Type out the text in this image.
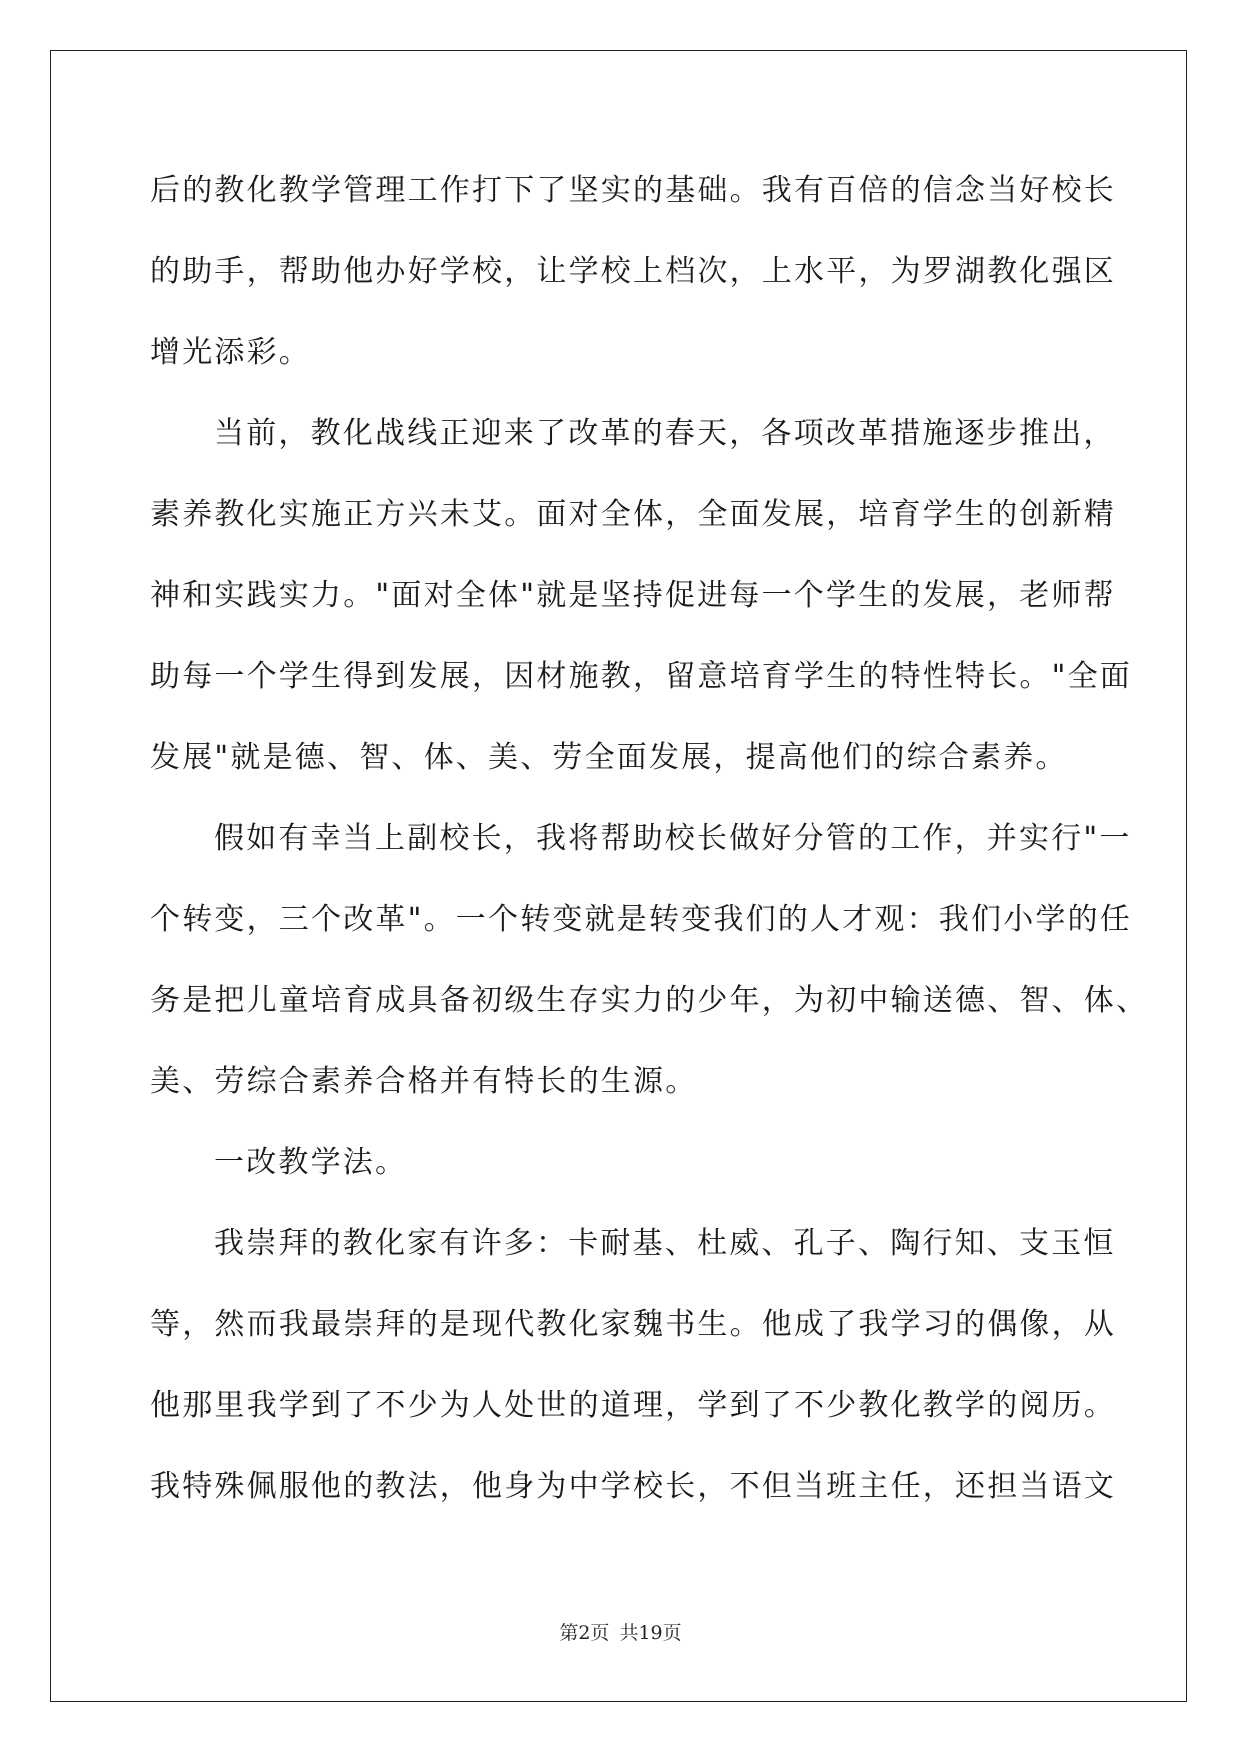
后的教化教学管理工作打下了坚实的基础。我有百倍的信念当好校长
的助手，帮助他办好学校，让学校上档次，上水平，为罗湖教化强区
增光添彩。
当前，教化战线正迎来了改革的春天，各项改革措施逐步推出，
素养教化实施正方兴未艾。面对全体，全面发展，培育学生的创新精
神和实践实力。"面对全体"就是坚持促进每一个学生的发展，老师帮
助每一个学生得到发展，因材施教，留意培育学生的特性特长。"全面
发展"就是德、智、体、美、劳全面发展，提高他们的综合素养。
假如有幸当上副校长，我将帮助校长做好分管的工作，并实行"一
个转变，三个改革"。一个转变就是转变我们的人才观：我们小学的任
务是把儿童培育成具备初级生存实力的少年，为初中输送德、智、体、
美、劳综合素养合格并有特长的生源。
一改教学法。
我崇拜的教化家有许多：卡耐基、杜威、孔子、陶行知、支玉恒
等，然而我最崇拜的是现代教化家魏书生。他成了我学习的偶像，从
他那里我学到了不少为人处世的道理，学到了不少教化教学的阅历。
我特殊佩服他的教法，他身为中学校长，不但当班主任，还担当语文
第2页 共19页
